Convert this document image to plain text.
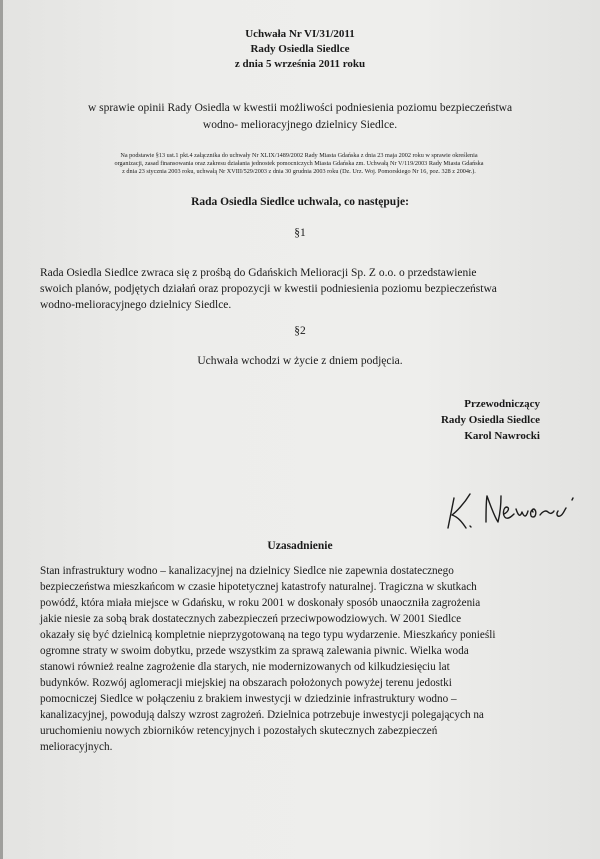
Uchwała Nr VI/31/2011
Rady Osiedla Siedlce
z dnia 5 września 2011 roku
w sprawie opinii Rady Osiedla w kwestii możliwości podniesienia poziomu bezpieczeństwa
wodno- melioracyjnego dzielnicy Siedlce.
Na podstawie §13 ust.1 pkt.4 załącznika do uchwały Nr XLIX/1489/2002 Rady Miasta Gdańska z dnia 23 maja 2002 roku w sprawie określenia
organizacji, zasad finansowania oraz zakresu działania jednostek pomocniczych Miasta Gdańska zm. Uchwałą Nr V/119/2003 Rady Miasta Gdańska
z dnia 23 stycznia 2003 roku, uchwałą Nr XVIII/529/2003 z dnia 30 grudnia 2003 roku (Dz. Urz. Woj. Pomorskiego Nr 16, poz. 328 z 2004r.).
Rada Osiedla Siedlce uchwala, co następuje:
§1
Rada Osiedla Siedlce zwraca się z prośbą do Gdańskich Melioracji Sp. Z o.o. o przedstawienie
swoich planów, podjętych działań oraz propozycji w kwestii podniesienia poziomu bezpieczeństwa
wodno-melioracyjnego dzielnicy Siedlce.
§2
Uchwała wchodzi w życie z dniem podjęcia.
Przewodniczący
Rady Osiedla Siedlce
Karol Nawrocki
Uzasadnienie
Stan infrastruktury wodno – kanalizacyjnej na dzielnicy Siedlce nie zapewnia dostatecznego
bezpieczeństwa mieszkańcom w czasie hipotetycznej katastrofy naturalnej. Tragiczna w skutkach
powódź, która miała miejsce w Gdańsku, w roku 2001 w doskonały sposób unaoczniła zagrożenia
jakie niesie za sobą brak dostatecznych zabezpieczeń przeciwpowodziowych. W 2001 Siedlce
okazały się być dzielnicą kompletnie nieprzygotowaną na tego typu wydarzenie. Mieszkańcy ponieśli
ogromne straty w swoim dobytku, przede wszystkim za sprawą zalewania piwnic. Wielka woda
stanowi również realne zagrożenie dla starych, nie modernizowanych od kilkudziesięciu lat
budynków. Rozwój aglomeracji miejskiej na obszarach położonych powyżej terenu jedostki
pomocniczej Siedlce w połączeniu z brakiem inwestycji w dziedzinie infrastruktury wodno –
kanalizacyjnej, powodują dalszy wzrost zagrożeń. Dzielnica potrzebuje inwestycji polegających na
uruchomieniu nowych zbiorników retencyjnych i pozostałych skutecznych zabezpieczeń
melioracyjnych.
